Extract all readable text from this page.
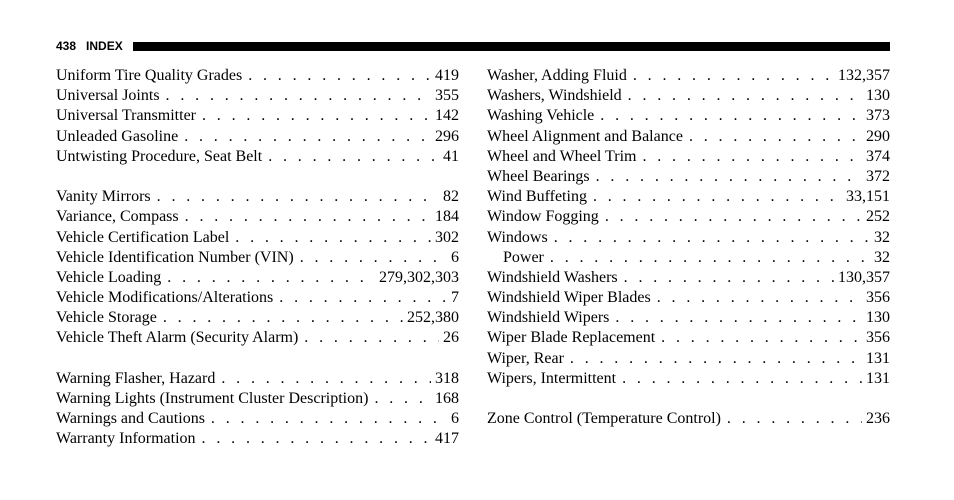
438 INDEX
Uniform Tire Quality Grades . . .	419
Universal Joints . . .	355
Universal Transmitter . . .	142
Unleaded Gasoline . . .	296
Untwisting Procedure, Seat Belt . . .	41
Vanity Mirrors . . .	82
Variance, Compass . . .	184
Vehicle Certification Label . . .	302
Vehicle Identification Number (VIN) . . .	6
Vehicle Loading . . .	279,302,303
Vehicle Modifications/Alterations . . .	7
Vehicle Storage . . .	252,380
Vehicle Theft Alarm (Security Alarm) . . .	26
Warning Flasher, Hazard . . .	318
Warning Lights (Instrument Cluster Description) . . .	168
Warnings and Cautions . . .	6
Warranty Information . . .	417
Washer, Adding Fluid . . .	132,357
Washers, Windshield . . .	130
Washing Vehicle . . .	373
Wheel Alignment and Balance . . .	290
Wheel and Wheel Trim . . .	374
Wheel Bearings . . .	372
Wind Buffeting . . .	33,151
Window Fogging . . .	252
Windows . . .	32
Power . . .	32
Windshield Washers . . .	130,357
Windshield Wiper Blades . . .	356
Windshield Wipers . . .	130
Wiper Blade Replacement . . .	356
Wiper, Rear . . .	131
Wipers, Intermittent . . .	131
Zone Control (Temperature Control) . . .	236
